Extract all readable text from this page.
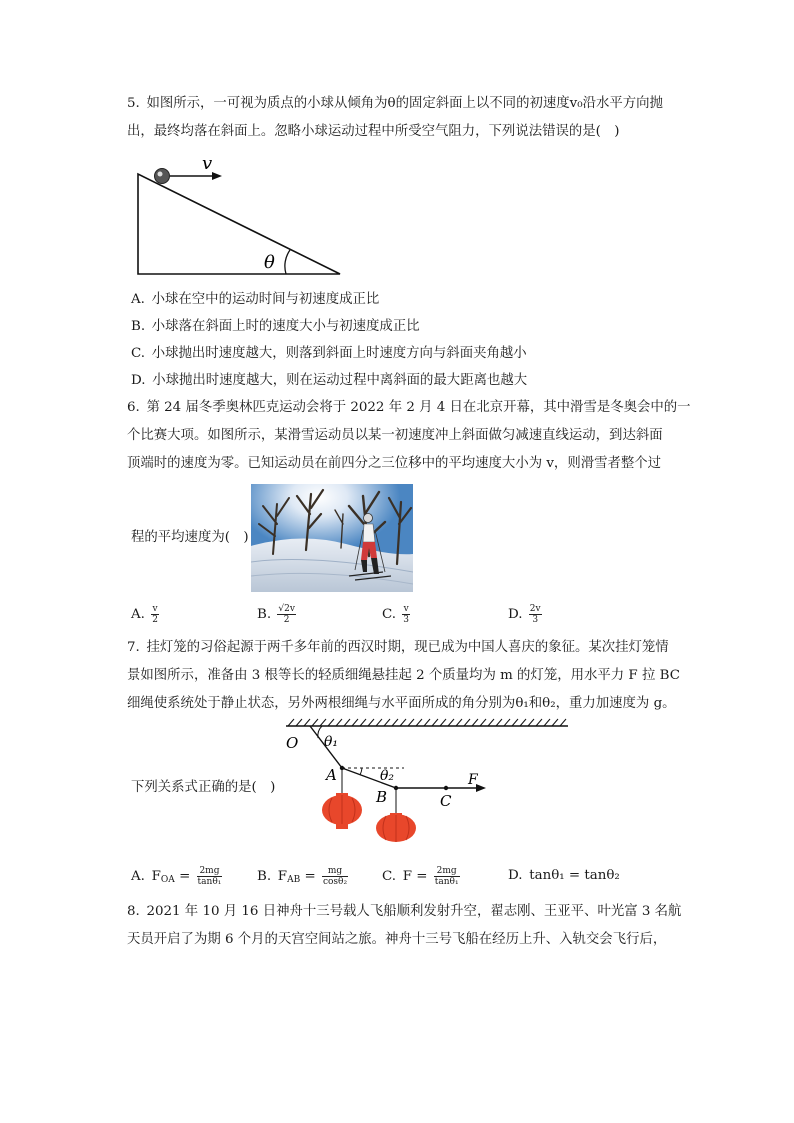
5. 如图所示，一可视为质点的小球从倾角为θ的固定斜面上以不同的初速度v₀沿水平方向抛
出，最终均落在斜面上。忽略小球运动过程中所受空气阻力，下列说法错误的是(  )
v
θ
A. 小球在空中的运动时间与初速度成正比
B. 小球落在斜面上时的速度大小与初速度成正比
C. 小球抛出时速度越大，则落到斜面上时速度方向与斜面夹角越小
D. 小球抛出时速度越大，则在运动过程中离斜面的最大距离也越大
6. 第 24 届冬季奥林匹克运动会将于 2022 年 2 月 4 日在北京开幕，其中滑雪是冬奥会中的一
个比赛大项。如图所示，某滑雪运动员以某一初速度冲上斜面做匀减速直线运动，到达斜面
顶端时的速度为零。已知运动员在前四分之三位移中的平均速度大小为 v，则滑雪者整个过
程的平均速度为(  )
A. $\frac{v}{2}$	B. $\frac{√2v}{2}$	C. $\frac{v}{3}$	D. $\frac{2v}{3}$
7. 挂灯笼的习俗起源于两千多年前的西汉时期，现已成为中国人喜庆的象征。某次挂灯笼情
景如图所示，准备由 3 根等长的轻质细绳悬挂起 2 个质量均为 m 的灯笼，用水平力 F 拉 BC
细绳使系统处于静止状态，另外两根细绳与水平面所成的角分别为θ₁和θ₂，重力加速度为 g。
O θ₁
A	θ₂
B	C
F
下列关系式正确的是(  )
A. $F_{OA} = \frac{2mg}{\text{tanθ₁}}$	B. $F_{AB} = \frac{mg}{\text{cosθ₂}}$	C. $F = \frac{2mg}{\text{tanθ₁}}$	D. tanθ₁ = tanθ₂
8. 2021 年 10 月 16 日神舟十三号载人飞船顺利发射升空，翟志刚、王亚平、叶光富 3 名航
天员开启了为期 6 个月的天宫空间站之旅。神舟十三号飞船在经历上升、入轨交会飞行后，
